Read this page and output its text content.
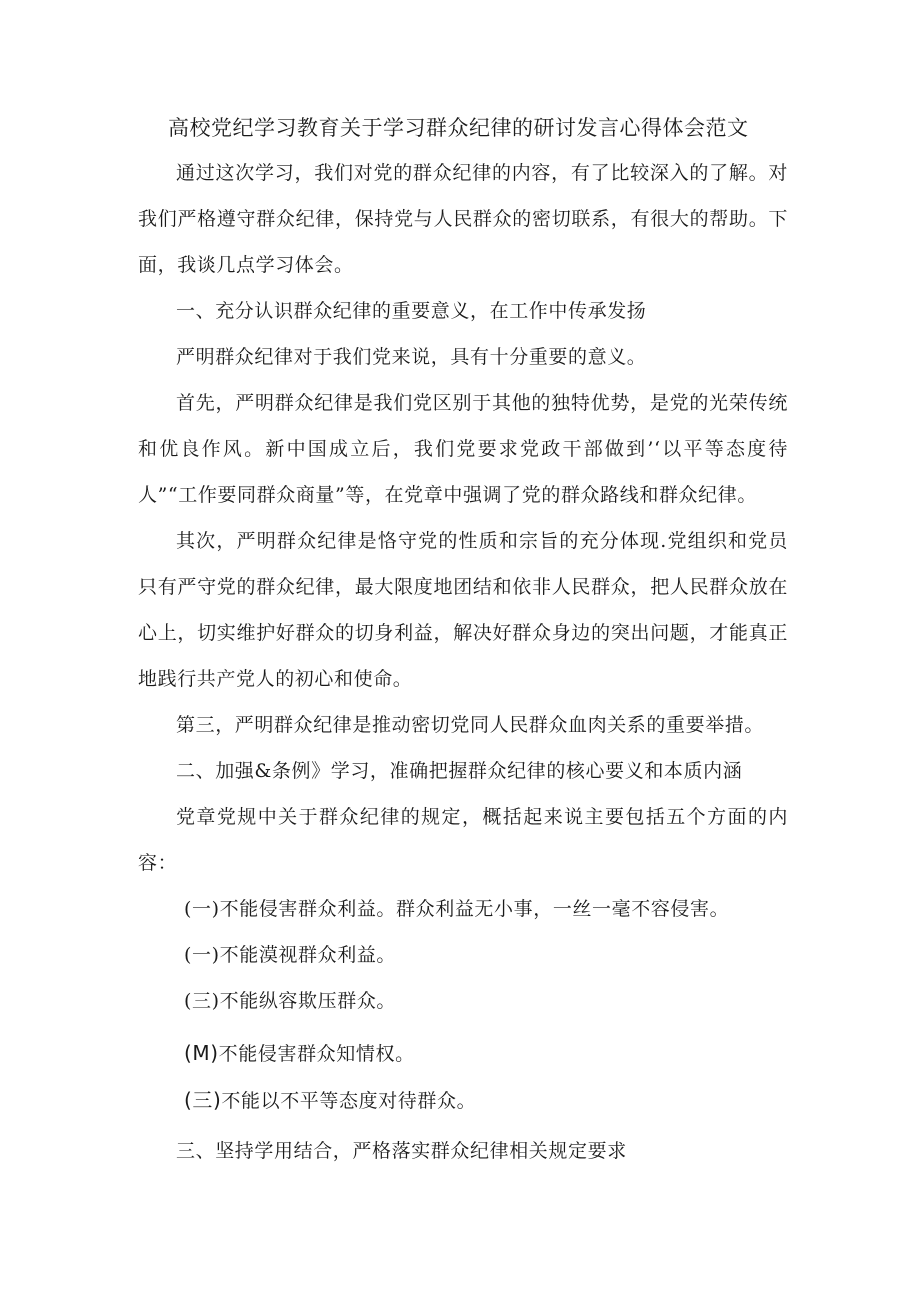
高校党纪学习教育关于学习群众纪律的研讨发言心得体会范文

通过这次学习，我们对党的群众纪律的内容，有了比较深入的了解。对我们严格遵守群众纪律，保持党与人民群众的密切联系，有很大的帮助。下面，我谈几点学习体会。

一、充分认识群众纪律的重要意义，在工作中传承发扬

严明群众纪律对于我们党来说，具有十分重要的意义。

首先，严明群众纪律是我们党区别于其他的独特优势，是党的光荣传统和优良作风。新中国成立后，我们党要求党政干部做到’‘以平等态度待人”“工作要同群众商量”等，在党章中强调了党的群众路线和群众纪律。

其次，严明群众纪律是恪守党的性质和宗旨的充分体现.党组织和党员只有严守党的群众纪律，最大限度地团结和依非人民群众，把人民群众放在心上，切实维护好群众的切身利益，解决好群众身边的突出问题，才能真正地践行共产党人的初心和使命。

第三，严明群众纪律是推动密切党同人民群众血肉关系的重要举措。

二、加强&条例》学习，准确把握群众纪律的核心要义和本质内涵

党章党规中关于群众纪律的规定，概括起来说主要包括五个方面的内容：

(一)不能侵害群众利益。群众利益无小事，一丝一毫不容侵害。

(一)不能漠视群众利益。

(三)不能纵容欺压群众。

(M)不能侵害群众知情权。

(三)不能以不平等态度对待群众。

三、坚持学用结合，严格落实群众纪律相关规定要求
